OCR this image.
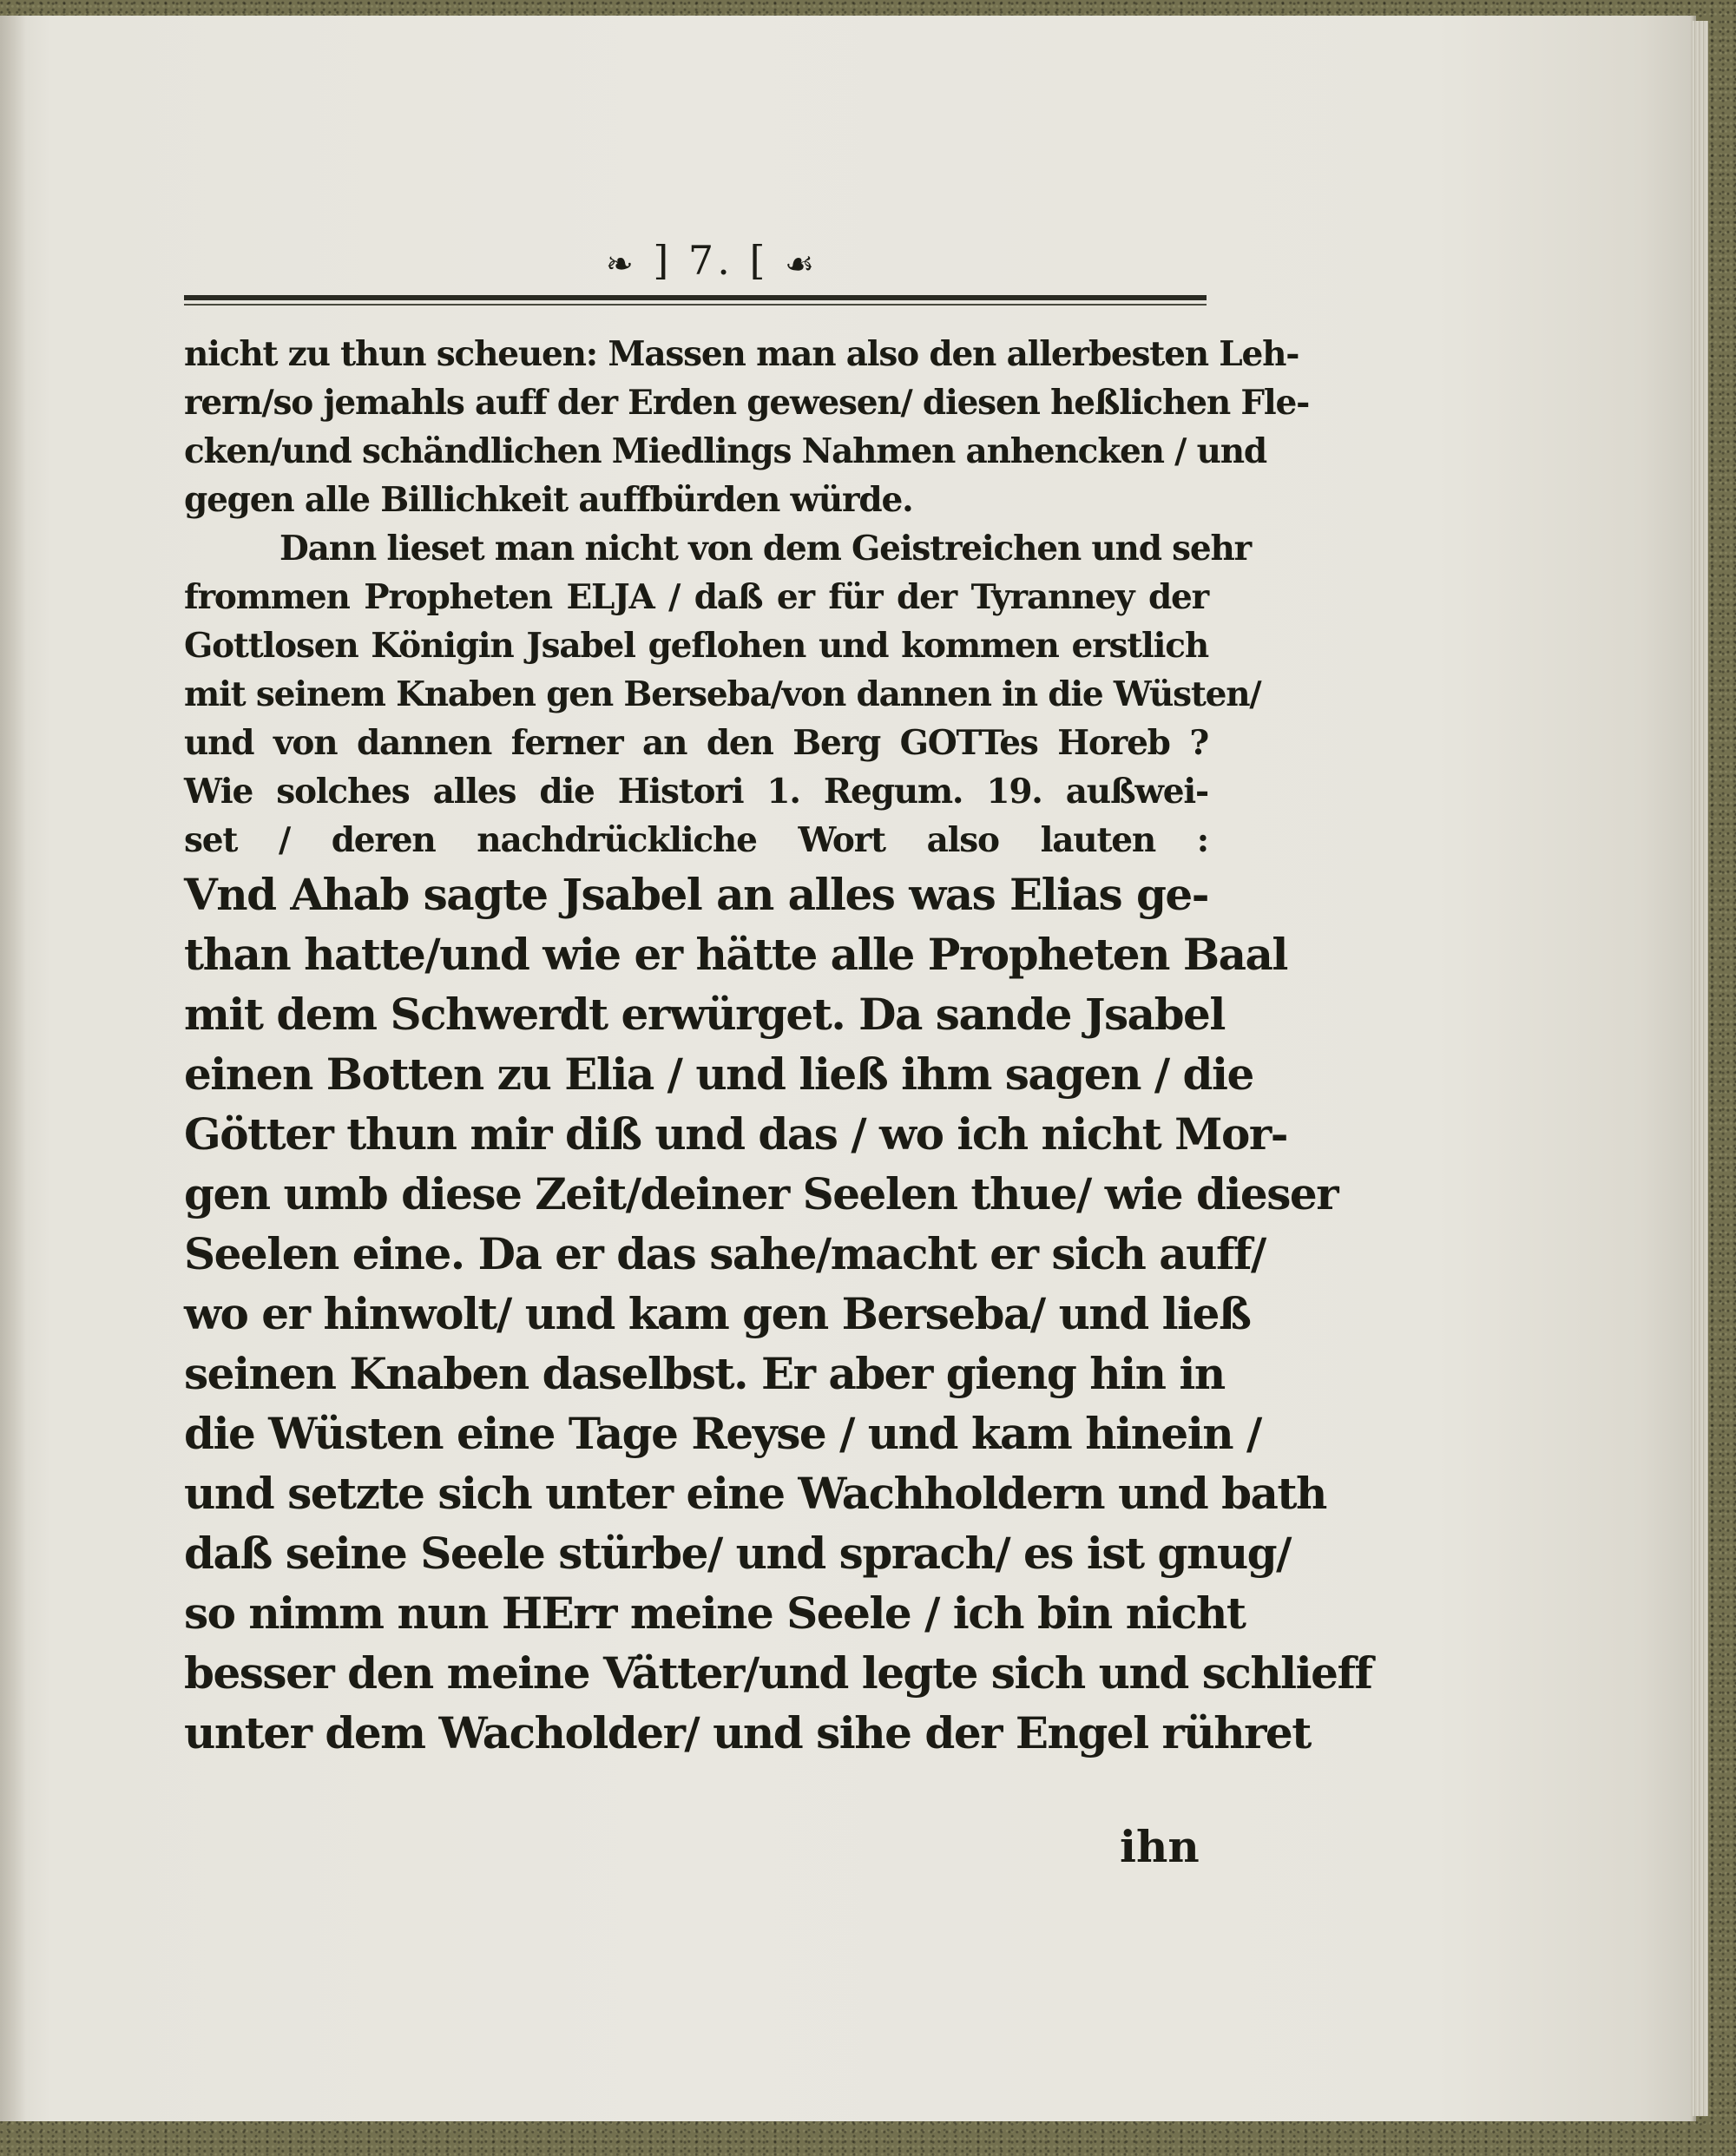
❧ ] 7. [ ☙
nicht zu thun scheuen: Massen man also den allerbesten Leh-
rern/so jemahls auff der Erden gewesen/ diesen heßlichen Fle-
cken/und schändlichen Miedlings Nahmen anhencken / und
gegen alle Billichkeit auffbürden würde.
Dann lieset man nicht von dem Geistreichen und sehr
frommen Propheten ELJA / daß er für der Tyranney der
Gottlosen Königin Jsabel geflohen und kommen erstlich
mit seinem Knaben gen Berseba/von dannen in die Wüsten/
und von dannen ferner an den Berg GOTTes Horeb ?
Wie solches alles die Histori 1. Regum. 19. außwei-
set / deren nachdrückliche Wort also lauten :
Vnd Ahab sagte Jsabel an alles was Elias ge-
than hatte/und wie er hätte alle Propheten Baal
mit dem Schwerdt erwürget. Da sande Jsabel
einen Botten zu Elia / und ließ ihm sagen / die
Götter thun mir diß und das / wo ich nicht Mor-
gen umb diese Zeit/deiner Seelen thue/ wie dieser
Seelen eine. Da er das sahe/macht er sich auff/
wo er hinwolt/ und kam gen Berseba/ und ließ
seinen Knaben daselbst. Er aber gieng hin in
die Wüsten eine Tage Reyse / und kam hinein /
und setzte sich unter eine Wachholdern und bath
daß seine Seele stürbe/ und sprach/ es ist gnug/
so nimm nun HErr meine Seele / ich bin nicht
besser den meine Vätter/und legte sich und schlieff
unter dem Wacholder/ und sihe der Engel rühret
ihn
